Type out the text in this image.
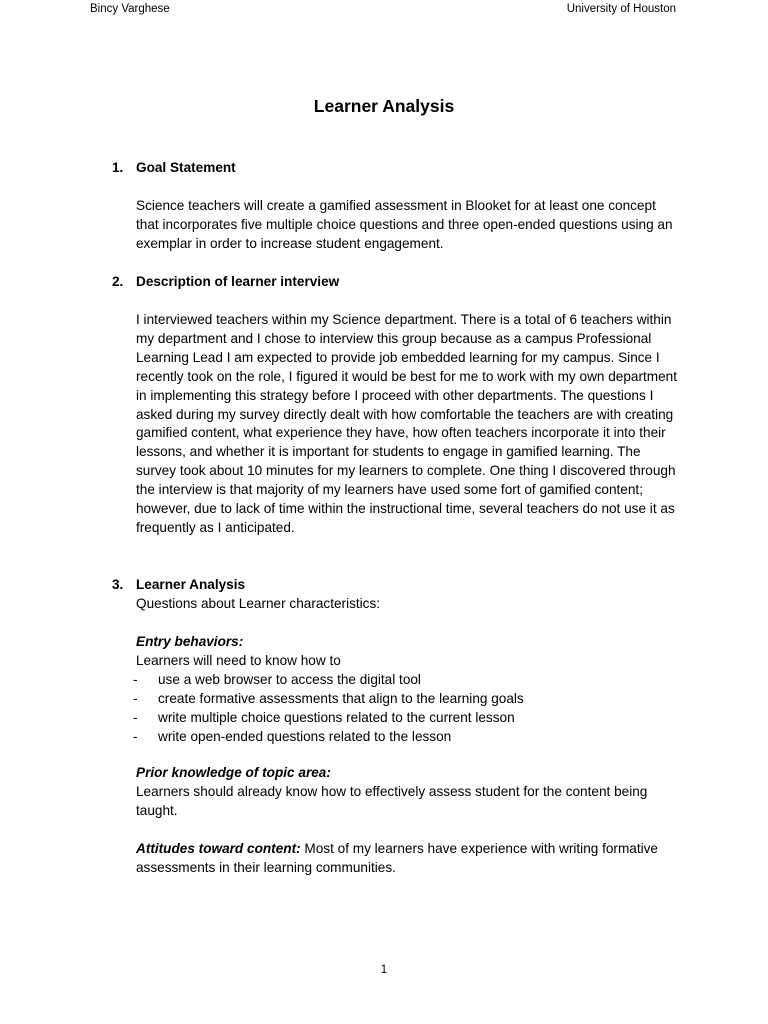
Bincy Varghese	University of Houston
Learner Analysis
1. Goal Statement
Science teachers will create a gamified assessment in Blooket for at least one concept that incorporates five multiple choice questions and three open-ended questions using an exemplar in order to increase student engagement.
2. Description of learner interview
I interviewed teachers within my Science department. There is a total of 6 teachers within my department and I chose to interview this group because as a campus Professional Learning Lead I am expected to provide job embedded learning for my campus. Since I recently took on the role, I figured it would be best for me to work with my own department in implementing this strategy before I proceed with other departments. The questions I asked during my survey directly dealt with how comfortable the teachers are with creating gamified content, what experience they have, how often teachers incorporate it into their lessons, and whether it is important for students to engage in gamified learning. The survey took about 10 minutes for my learners to complete. One thing I discovered through the interview is that majority of my learners have used some fort of gamified content; however, due to lack of time within the instructional time, several teachers do not use it as frequently as I anticipated.
3. Learner Analysis
Questions about Learner characteristics:
Entry behaviors:
Learners will need to know how to
- use a web browser to access the digital tool
- create formative assessments that align to the learning goals
- write multiple choice questions related to the current lesson
- write open-ended questions related to the lesson
Prior knowledge of topic area:
Learners should already know how to effectively assess student for the content being taught.
Attitudes toward content: Most of my learners have experience with writing formative assessments in their learning communities.
1
